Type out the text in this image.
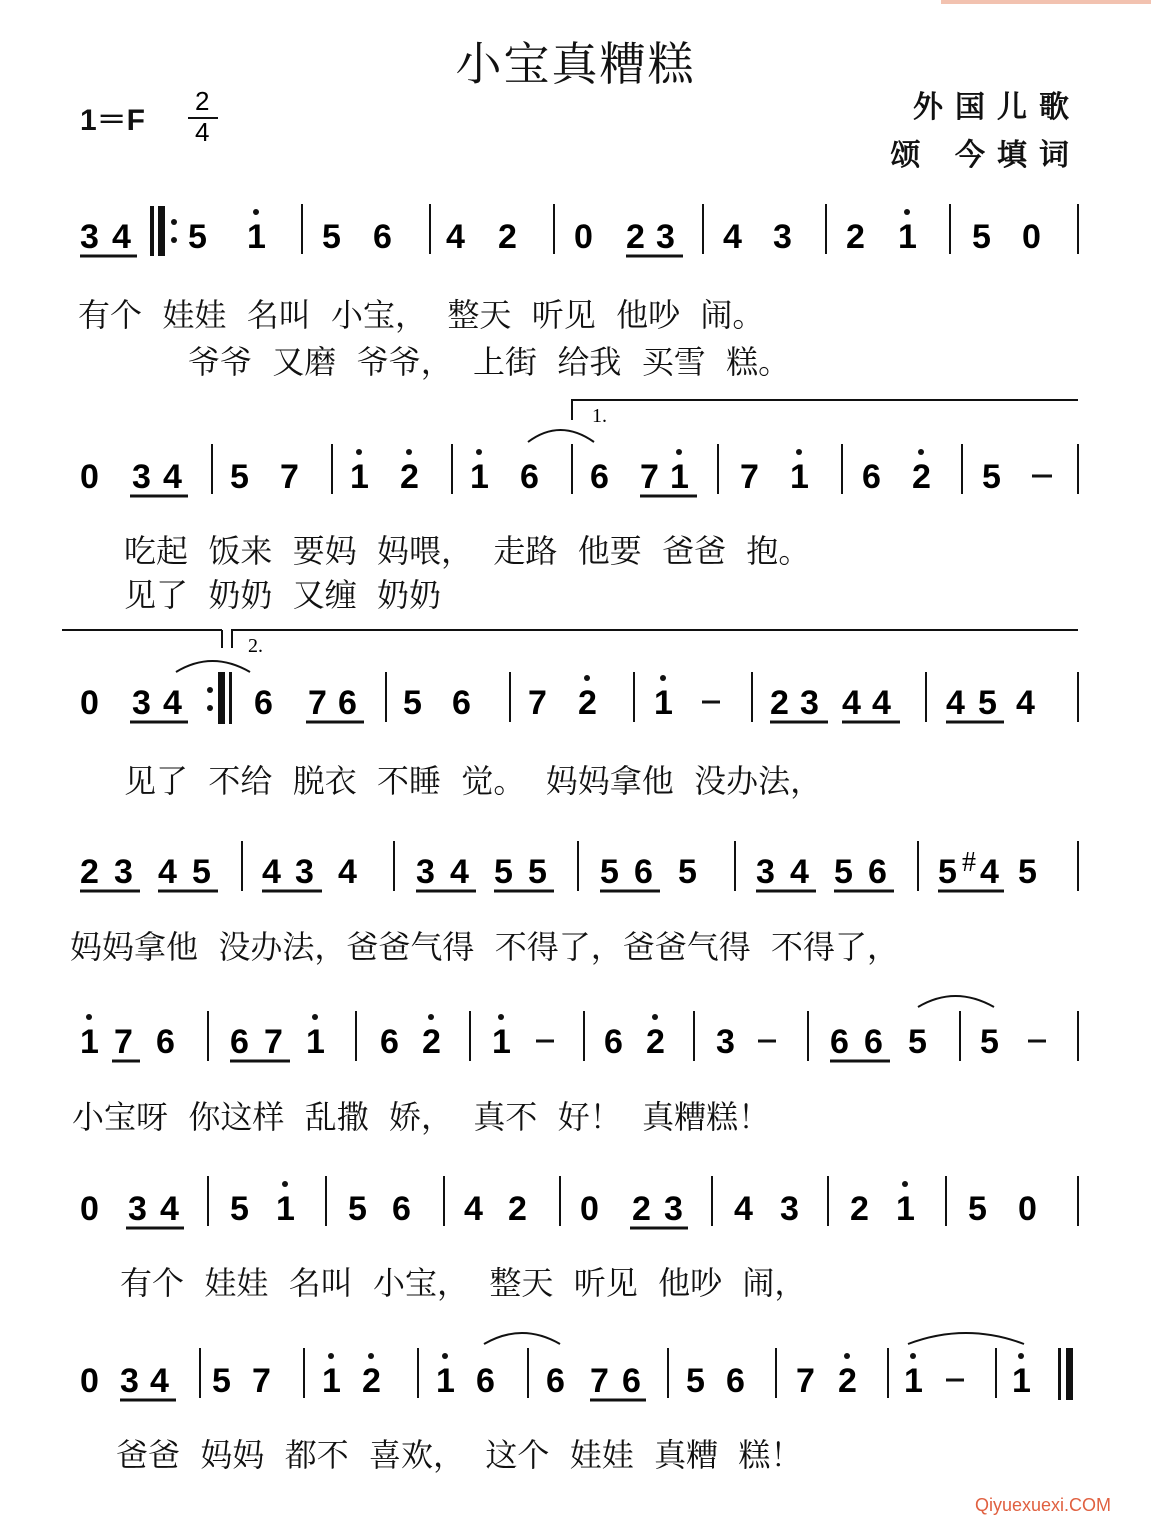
小宝真糟糕
1＝F
2
4
外国儿歌
颂 今填词
3 4 5 1 5 6 4 2 0 2 3 4 3 2 1 5 0
有个  娃娃  名叫  小宝，  整天  听见  他吵  闹。
爷爷  又磨  爷爷，  上街  给我  买雪  糕。
1.
0 3 4 5 7 1 2 1 6 6 7 1 7 1 6 2 5
吃起  饭来  要妈  妈喂，  走路  他要  爸爸  抱。
见了  奶奶  又缠  奶奶
2.
0 3 4 6 7 6 5 6 7 2 1	2 3 4 4 4 5 4
见了  不给  脱衣  不睡  觉。  妈妈拿他  没办法，
2 3 4 5 4 3 4 3 4 5 5 5 6 5 3 4 5 6 5 # 4 5
妈妈拿他  没办法，爸爸气得  不得了，爸爸气得  不得了，
1 7 6 6 7 1 6 2 1	6 2 3	6 6 5 5
小宝呀  你这样  乱撒  娇，  真不  好！  真糟糕！
0 3 4 5 1 5 6 4 2 0 2 3 4 3 2 1 5 0
有个  娃娃  名叫  小宝，  整天  听见  他吵  闹，
0 3 4 5 7 1 2 1 6 6 7 6 5 6 7 2 1	1
爸爸  妈妈  都不  喜欢，  这个  娃娃  真糟  糕！
Qiyuexuexi.COM
